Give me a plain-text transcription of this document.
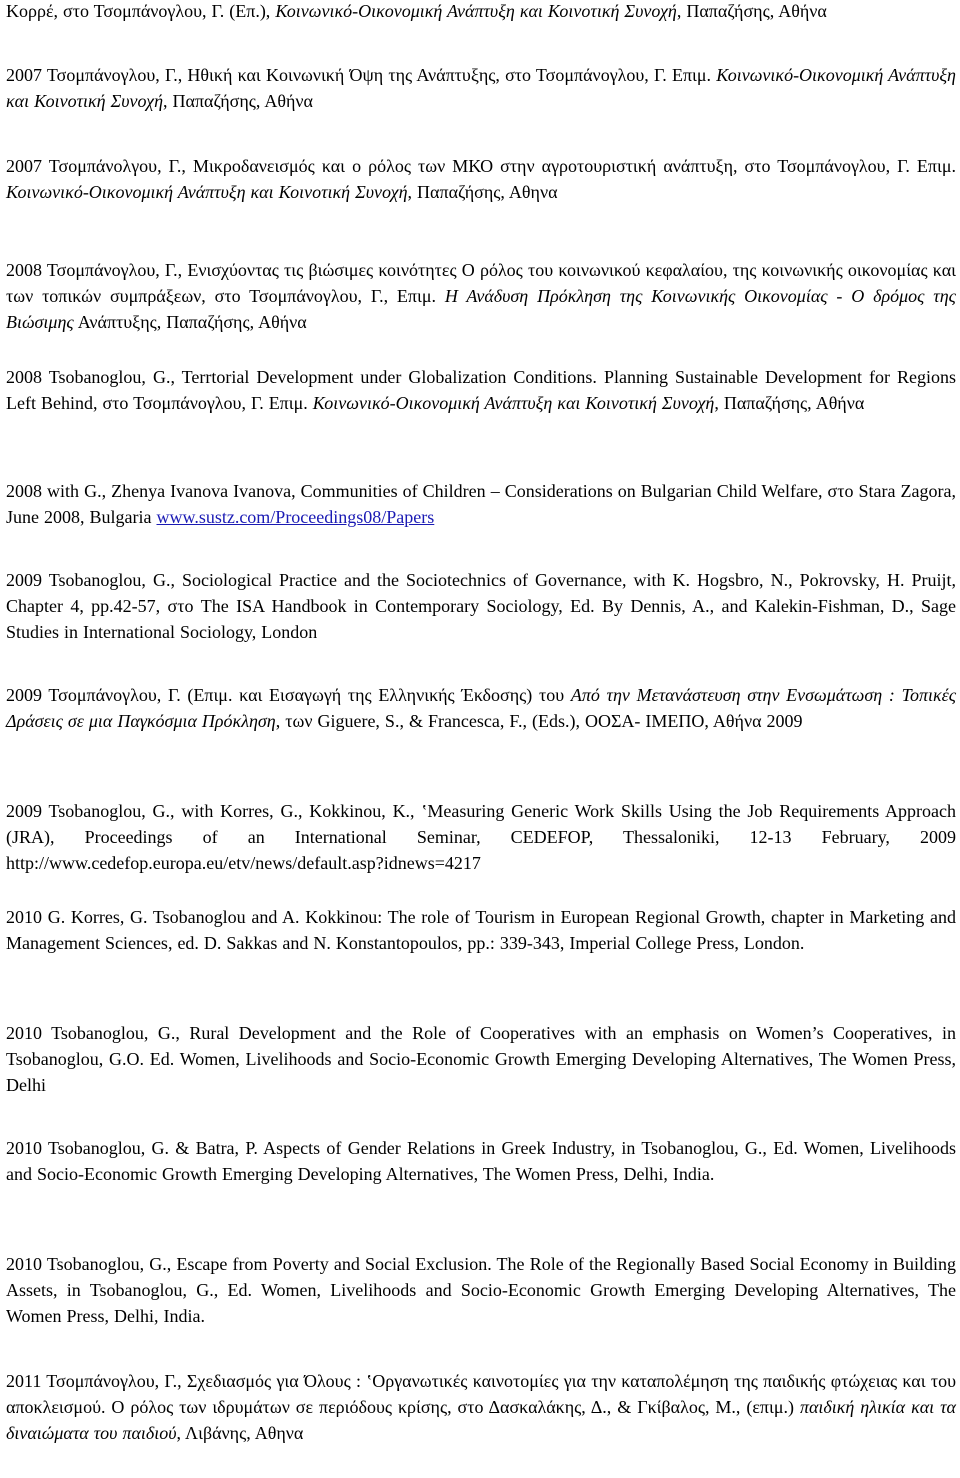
Κορρέ, στο Τσομπάνογλου, Γ. (Επ.), Κοινωνικό-Οικονομική Ανάπτυξη και Κοινοτική Συνοχή, Παπαζήσης, Αθήνα

2007 Τσομπάνογλου, Γ., Ηθική και Κοινωνική Όψη της Ανάπτυξης, στο Τσομπάνογλου, Γ. Επιμ. Κοινωνικό-Οικονομική Ανάπτυξη και Κοινοτική Συνοχή, Παπαζήσης, Αθήνα

2007 Τσομπάνολγου, Γ., Μικροδανεισμός και ο ρόλος των ΜΚΟ στην αγροτουριστική ανάπτυξη, στο Τσομπάνογλου, Γ. Επιμ. Κοινωνικό-Οικονομική Ανάπτυξη και Κοινοτική Συνοχή, Παπαζήσης, Αθηνα

2008 Τσομπάνογλου, Γ., Ενισχύοντας τις βιώσιμες κοινότητες Ο ρόλος του κοινωνικού κεφαλαίου, της κοινωνικής οικονομίας και των τοπικών συμπράξεων, στο Τσομπάνογλου, Γ., Επιμ. Η Ανάδυση Πρόκληση της Κοινωνικής Οικονομίας - Ο δρόμος της Βιώσιμης Ανάπτυξης, Παπαζήσης, Αθήνα

2008 Tsobanoglou, G., Terrtorial Development under Globalization Conditions. Planning Sustainable Development for Regions Left Behind, στο Τσομπάνογλου, Γ. Επιμ. Κοινωνικό-Οικονομική Ανάπτυξη και Κοινοτική Συνοχή, Παπαζήσης, Αθήνα

2008 with G., Zhenya Ivanova Ivanova, Communities of Children – Considerations on Bulgarian Child Welfare, στο Stara Zagora, June 2008, Bulgaria www.sustz.com/Proceedings08/Papers

2009 Tsobanoglou, G., Sociological Practice and the Sociotechnics of Governance, with K. Hogsbro, N., Pokrovsky, H. Pruijt, Chapter 4, pp.42-57, στο The ISA Handbook in Contemporary Sociology, Ed. By Dennis, A., and Kalekin-Fishman, D., Sage Studies in International Sociology, London

2009 Τσομπάνογλου, Γ. (Επιμ. και Εισαγωγή της Ελληνικής Έκδοσης) του Από την Μετανάστευση στην Ενσωμάτωση : Τοπικές Δράσεις σε μια Παγκόσμια Πρόκληση, των Giguere, S., & Francesca, F., (Eds.), ΟΟΣΑ- ΙΜΕΠΟ, Αθήνα 2009

2009 Tsobanoglou, G., with Korres, G., Kokkinou, K., ‛Measuring Generic Work Skills Using the Job Requirements Approach (JRA), Proceedings of an International Seminar, CEDEFOP, Thessaloniki, 12-13 February, 2009 http://www.cedefop.europa.eu/etv/news/default.asp?idnews=4217

2010 G. Korres, G. Tsobanoglou and A. Kokkinou: The role of Tourism in European Regional Growth, chapter in Marketing and Management Sciences, ed. D. Sakkas and N. Konstantopoulos, pp.: 339-343, Imperial College Press, London.

2010 Tsobanoglou, G., Rural Development and the Role of Cooperatives with an emphasis on Women’s Cooperatives, in Tsobanoglou, G.O. Ed. Women, Livelihoods and Socio-Economic Growth Emerging Developing Alternatives, The Women Press, Delhi

2010 Tsobanoglou, G. & Batra, P. Aspects of Gender Relations in Greek Industry, in Tsobanoglou, G., Ed. Women, Livelihoods and Socio-Economic Growth Emerging Developing Alternatives, The Women Press, Delhi, India.

2010 Tsobanoglou, G., Escape from Poverty and Social Exclusion. The Role of the Regionally Based Social Economy in Building Assets, in Tsobanoglou, G., Ed. Women, Livelihoods and Socio-Economic Growth Emerging Developing Alternatives, The Women Press, Delhi, India.

2011 Τσομπάνογλου, Γ., Σχεδιασμός για Όλους : ‛Οργανωτικές καινοτομίες για την καταπολέμηση της παιδικής φτώχειας και του αποκλεισμού. Ο ρόλος των ιδρυμάτων σε περιόδους κρίσης, στο Δασκαλάκης, Δ., & Γκίβαλος, Μ., (επιμ.) παιδική ηλικία και τα διναιώματα του παιδιού, Λιβάνης, Αθηνα
